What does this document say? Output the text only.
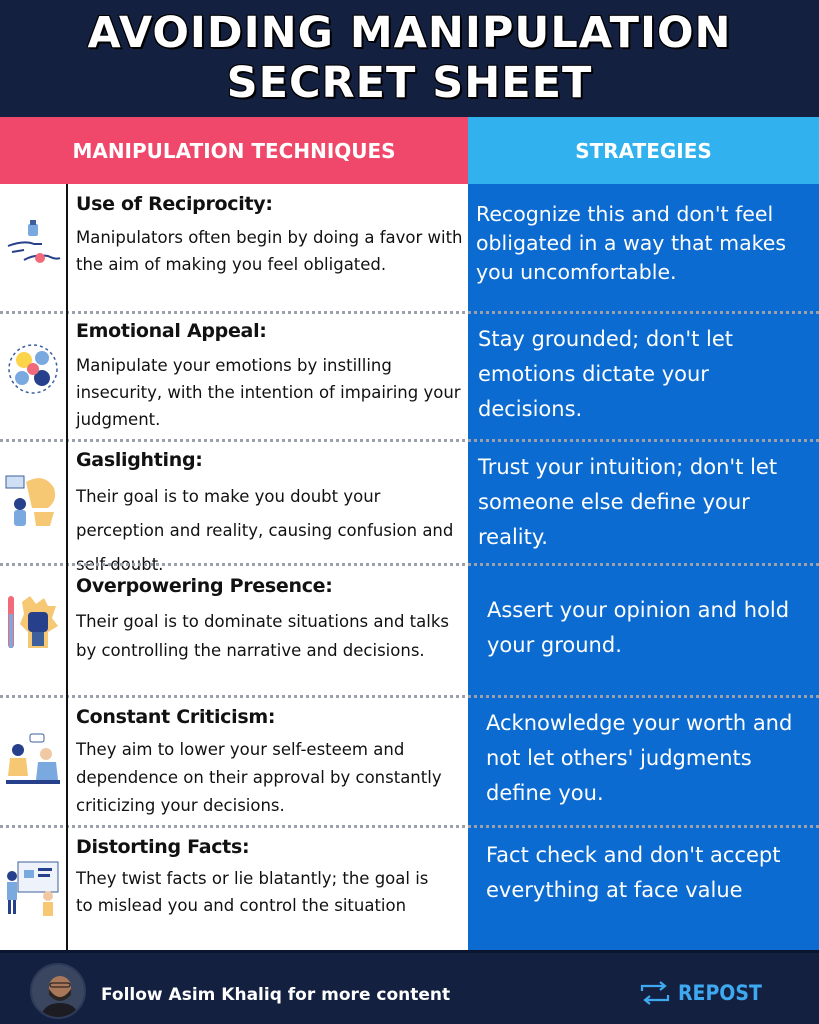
AVOIDING MANIPULATION
SECRET SHEET
MANIPULATION TECHNIQUES	STRATEGIES
Use of Reciprocity:
Manipulators often begin by doing a favor with the aim of making you feel obligated.
Recognize this and don't feel obligated in a way that makes you uncomfortable.
Emotional Appeal:
Manipulate your emotions by instilling insecurity, with the intention of impairing your judgment.
Stay grounded; don't let emotions dictate your decisions.
Gaslighting:
Their goal is to make you doubt your perception and reality, causing confusion and self-doubt.
Trust your intuition; don't let someone else define your reality.
Overpowering Presence:
Their goal is to dominate situations and talks by controlling the narrative and decisions.
Assert your opinion and hold your ground.
Constant Criticism:
They aim to lower your self-esteem and dependence on their approval by constantly criticizing your decisions.
Acknowledge your worth and not let others' judgments define you.
Distorting Facts:
They twist facts or lie blatantly; the goal is to mislead you and control the situation
Fact check and don't accept everything at face value
Follow Asim Khaliq for more content	REPOST
